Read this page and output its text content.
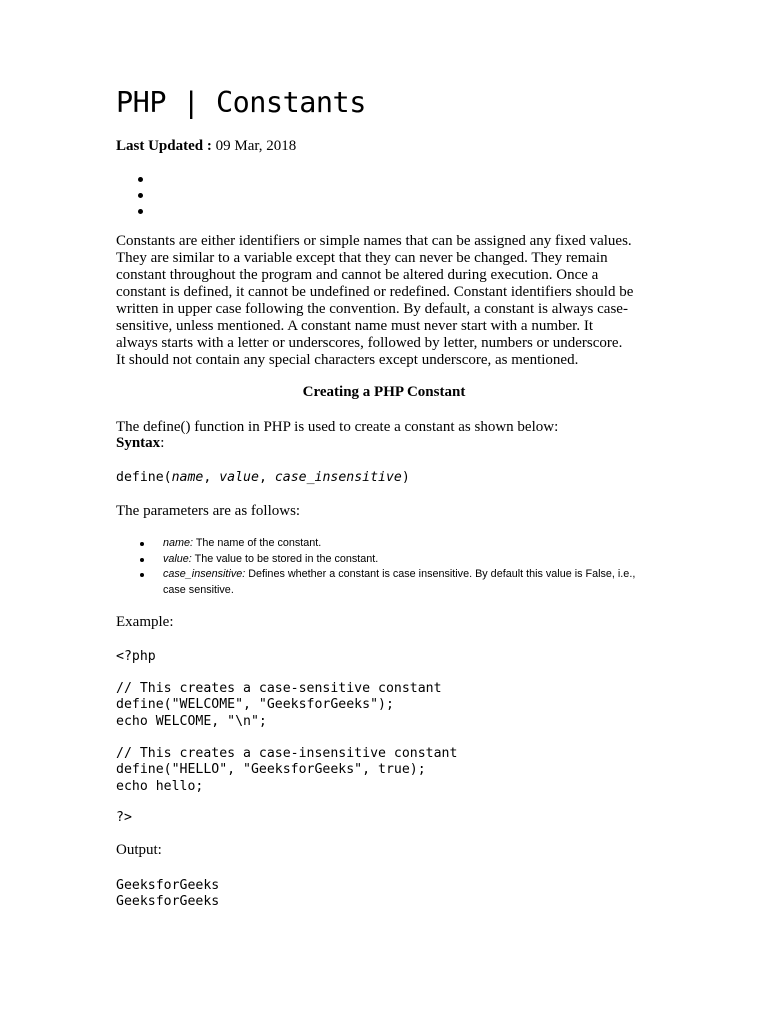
PHP | Constants
Last Updated : 09 Mar, 2018
Constants are either identifiers or simple names that can be assigned any fixed values.
They are similar to a variable except that they can never be changed. They remain
constant throughout the program and cannot be altered during execution. Once a
constant is defined, it cannot be undefined or redefined. Constant identifiers should be
written in upper case following the convention. By default, a constant is always case-
sensitive, unless mentioned. A constant name must never start with a number. It
always starts with a letter or underscores, followed by letter, numbers or underscore.
It should not contain any special characters except underscore, as mentioned.
Creating a PHP Constant
The define() function in PHP is used to create a constant as shown below:
Syntax:
define(name, value, case_insensitive)
The parameters are as follows:
name: The name of the constant.
value: The value to be stored in the constant.
case_insensitive: Defines whether a constant is case insensitive. By default this value is False, i.e., case sensitive.
Example:
<?php
// This creates a case-sensitive constant
define("WELCOME", "GeeksforGeeks");
echo WELCOME, "\n";
// This creates a case-insensitive constant
define("HELLO", "GeeksforGeeks", true);
echo hello;
?>
Output:
GeeksforGeeks
GeeksforGeeks
